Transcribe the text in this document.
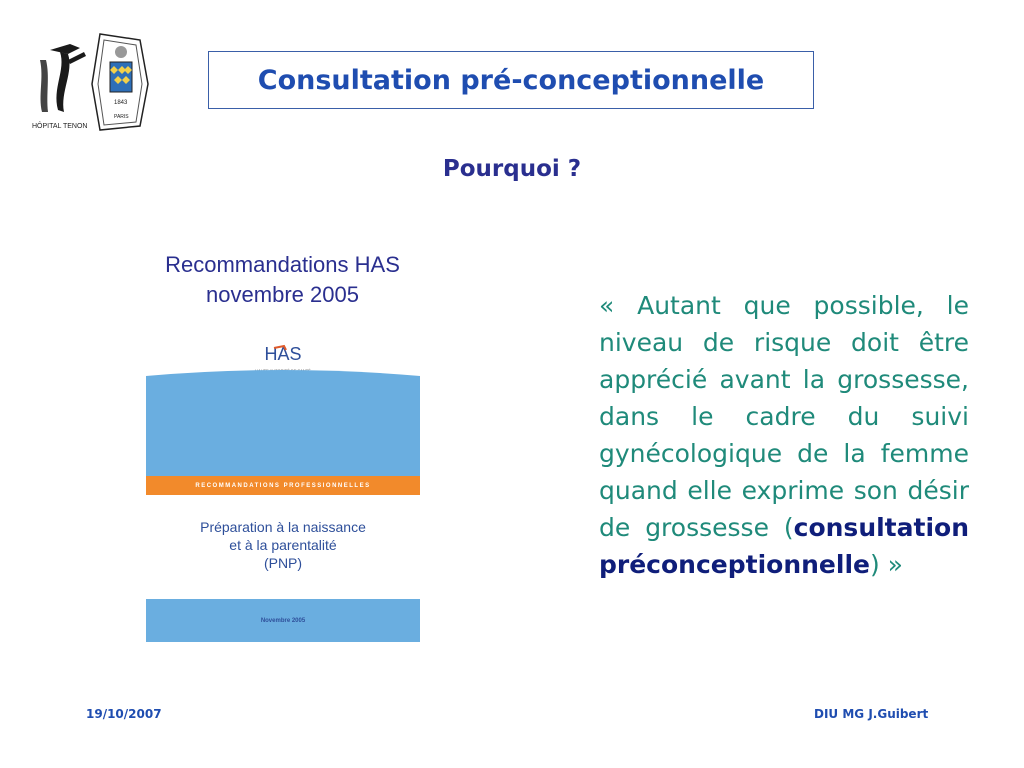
HÔPITAL TENON
1843
PARIS
Consultation pré-conceptionnelle
Pourquoi ?
Recommandations HAS
novembre 2005
HAS
RECOMMANDATIONS PROFESSIONNELLES
Préparation à la naissance
et à la parentalité
(PNP)
Novembre 2005
« Autant que possible, le niveau de risque doit être apprécié avant la grossesse, dans le cadre du suivi gynécologique de la femme quand elle exprime son désir de grossesse (consultation préconceptionnelle) »
19/10/2007	DIU MG J.Guibert
